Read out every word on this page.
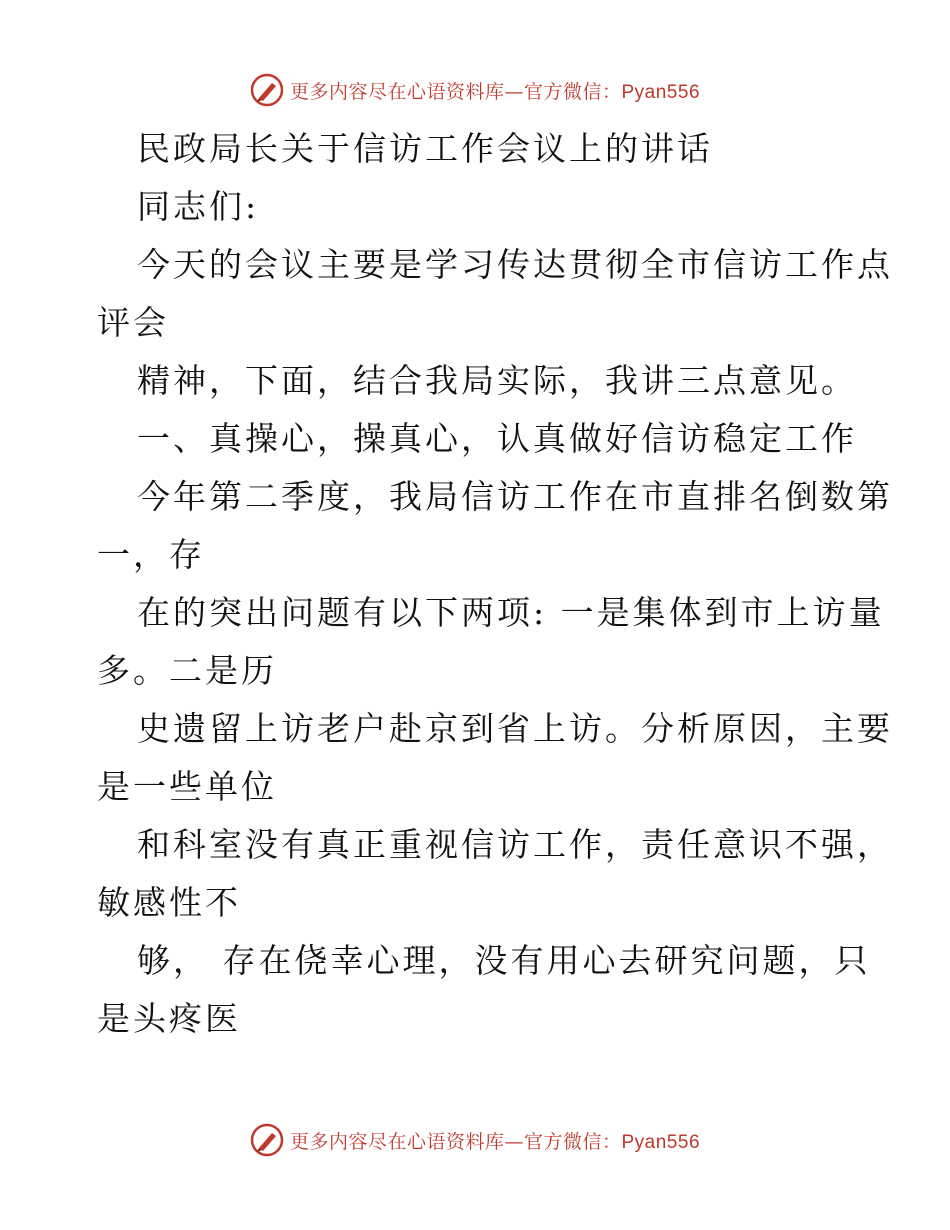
更多内容尽在心语资料库—官方微信：Pyan556
民政局长关于信访工作会议上的讲话
同志们:
今天的会议主要是学习传达贯彻全市信访工作点
评会
精神，下面，结合我局实际，我讲三点意见。
一、真操心，操真心，认真做好信访稳定工作
今年第二季度，我局信访工作在市直排名倒数第
一，存
在的突出问题有以下两项: 一是集体到市上访量
多。二是历
史遗留上访老户赴京到省上访。分析原因，主要
是一些单位
和科室没有真正重视信访工作，责任意识不强，
敏感性不
够， 存在侥幸心理，没有用心去研究问题，只
是头疼医
更多内容尽在心语资料库—官方微信：Pyan556
